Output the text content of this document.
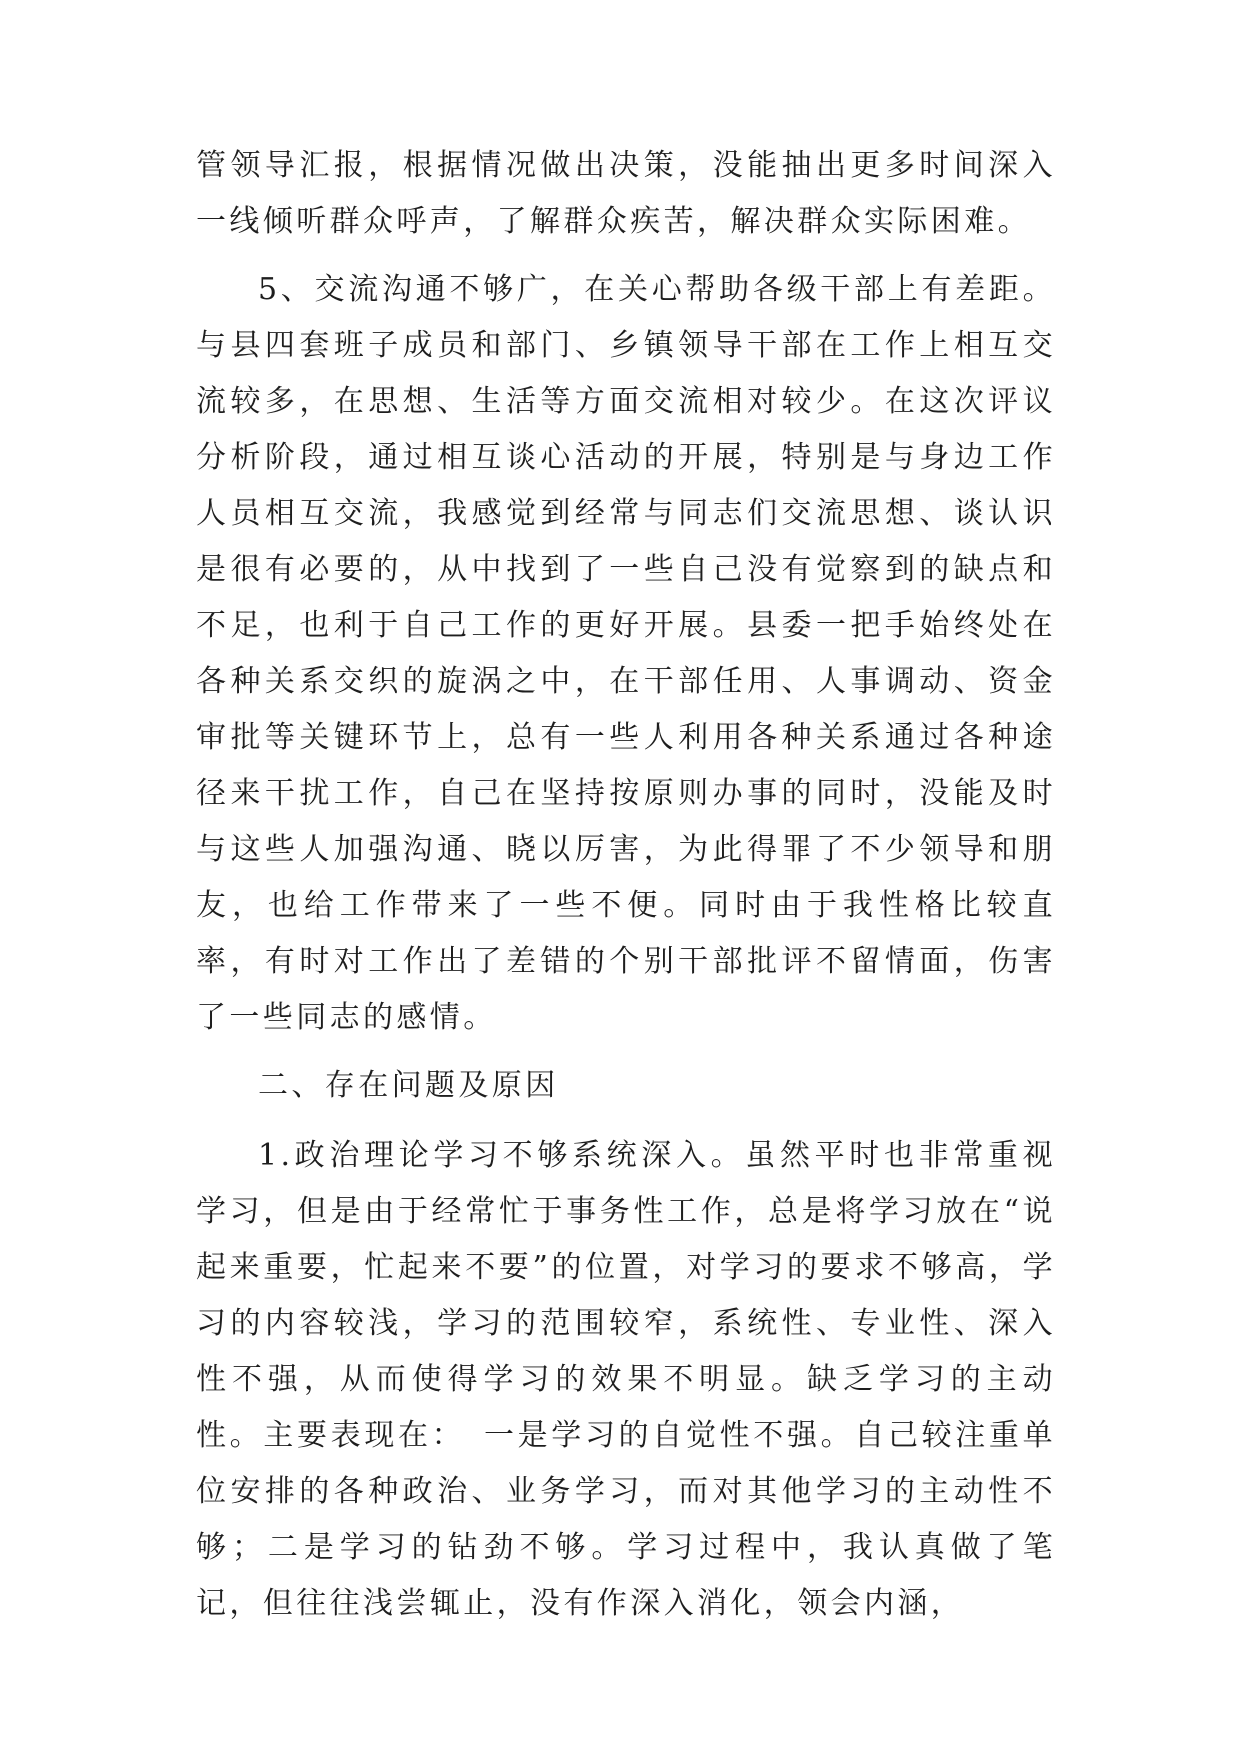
管领导汇报，根据情况做出决策，没能抽出更多时间深入一线倾听群众呼声，了解群众疾苦，解决群众实际困难。

5、交流沟通不够广，在关心帮助各级干部上有差距。与县四套班子成员和部门、乡镇领导干部在工作上相互交流较多，在思想、生活等方面交流相对较少。在这次评议分析阶段，通过相互谈心活动的开展，特别是与身边工作人员相互交流，我感觉到经常与同志们交流思想、谈认识是很有必要的，从中找到了一些自己没有觉察到的缺点和不足，也利于自己工作的更好开展。县委一把手始终处在各种关系交织的旋涡之中，在干部任用、人事调动、资金审批等关键环节上，总有一些人利用各种关系通过各种途径来干扰工作，自己在坚持按原则办事的同时，没能及时与这些人加强沟通、晓以厉害，为此得罪了不少领导和朋友，也给工作带来了一些不便。同时由于我性格比较直率，有时对工作出了差错的个别干部批评不留情面，伤害了一些同志的感情。

二、存在问题及原因

1.政治理论学习不够系统深入。虽然平时也非常重视学习，但是由于经常忙于事务性工作，总是将学习放在“说起来重要，忙起来不要”的位置，对学习的要求不够高，学习的内容较浅，学习的范围较窄，系统性、专业性、深入性不强，从而使得学习的效果不明显。缺乏学习的主动性。主要表现在：　一是学习的自觉性不强。自己较注重单位安排的各种政治、业务学习，而对其他学习的主动性不够；二是学习的钻劲不够。学习过程中，我认真做了笔记，但往往浅尝辄止，没有作深入消化，领会内涵，
